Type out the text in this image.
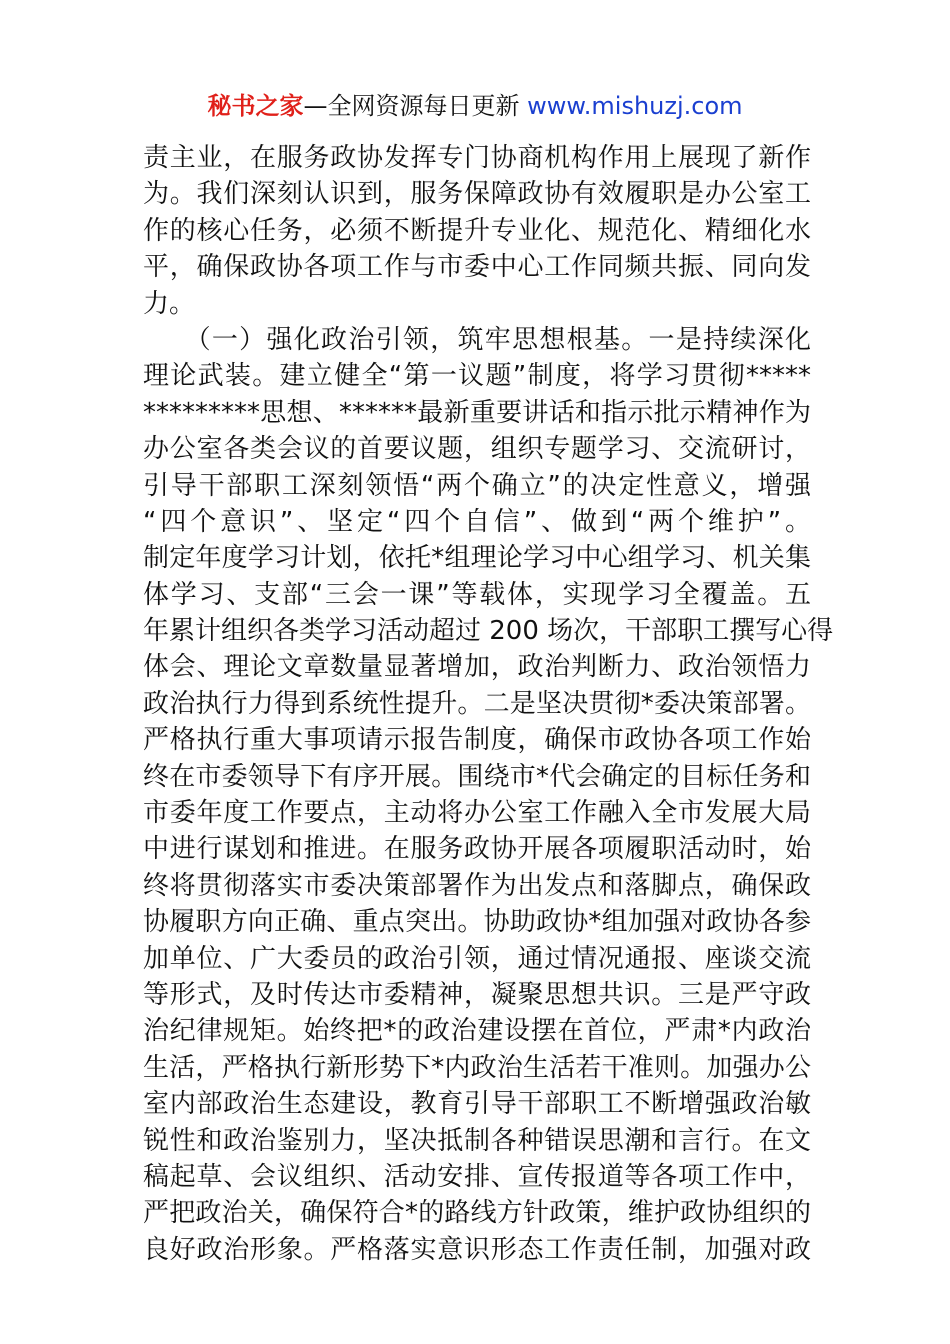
秘书之家—全网资源每日更新 www.mishuzj.com
责主业，在服务政协发挥专门协商机构作用上展现了新作
为。我们深刻认识到，服务保障政协有效履职是办公室工
作的核心任务，必须不断提升专业化、规范化、精细化水
平，确保政协各项工作与市委中心工作同频共振、同向发
力。
　　（一）强化政治引领，筑牢思想根基。一是持续深化
理论武装。建立健全“第一议题”制度，将学习贯彻*****
*********思想、******最新重要讲话和指示批示精神作为
办公室各类会议的首要议题，组织专题学习、交流研讨，
引导干部职工深刻领悟“两个确立”的决定性意义，增强
“四个意识”、坚定“四个自信”、做到“两个维护”。
制定年度学习计划，依托*组理论学习中心组学习、机关集
体学习、支部“三会一课”等载体，实现学习全覆盖。五
年累计组织各类学习活动超过 200 场次，干部职工撰写心得
体会、理论文章数量显著增加，政治判断力、政治领悟力
政治执行力得到系统性提升。二是坚决贯彻*委决策部署。
严格执行重大事项请示报告制度，确保市政协各项工作始
终在市委领导下有序开展。围绕市*代会确定的目标任务和
市委年度工作要点，主动将办公室工作融入全市发展大局
中进行谋划和推进。在服务政协开展各项履职活动时，始
终将贯彻落实市委决策部署作为出发点和落脚点，确保政
协履职方向正确、重点突出。协助政协*组加强对政协各参
加单位、广大委员的政治引领，通过情况通报、座谈交流
等形式，及时传达市委精神，凝聚思想共识。三是严守政
治纪律规矩。始终把*的政治建设摆在首位，严肃*内政治
生活，严格执行新形势下*内政治生活若干准则。加强办公
室内部政治生态建设，教育引导干部职工不断增强政治敏
锐性和政治鉴别力，坚决抵制各种错误思潮和言行。在文
稿起草、会议组织、活动安排、宣传报道等各项工作中，
严把政治关，确保符合*的路线方针政策，维护政协组织的
良好政治形象。严格落实意识形态工作责任制，加强对政
